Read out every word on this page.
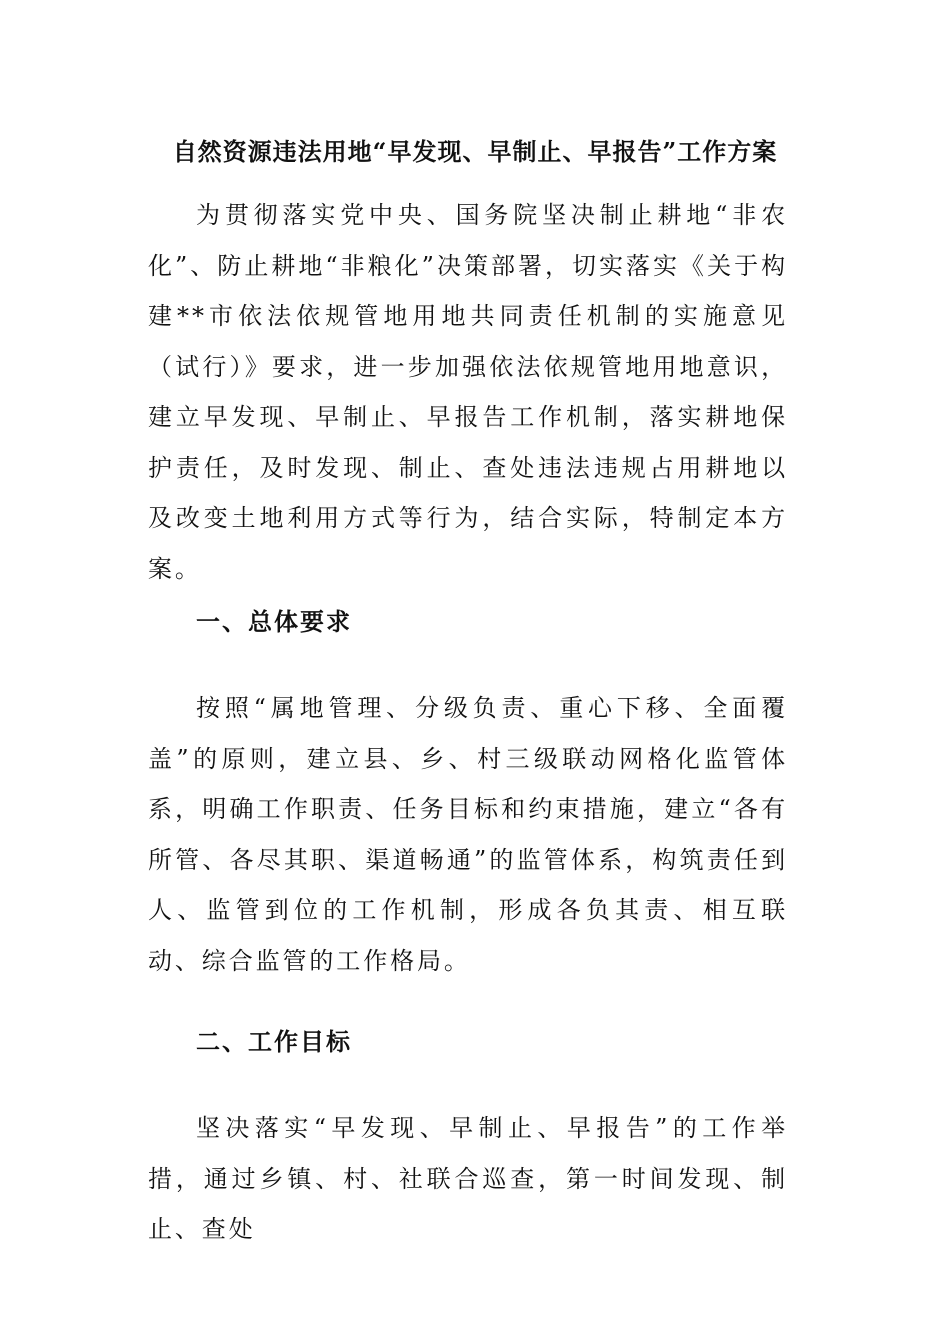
自然资源违法用地“早发现、早制止、早报告”工作方案

为贯彻落实党中央、国务院坚决制止耕地“非农化”、防止耕地“非粮化”决策部署，切实落实《关于构建**市依法依规管地用地共同责任机制的实施意见（试行）》要求，进一步加强依法依规管地用地意识，建立早发现、早制止、早报告工作机制，落实耕地保护责任，及时发现、制止、查处违法违规占用耕地以及改变土地利用方式等行为，结合实际，特制定本方案。

一、总体要求

按照“属地管理、分级负责、重心下移、全面覆盖”的原则，建立县、乡、村三级联动网格化监管体系，明确工作职责、任务目标和约束措施，建立“各有所管、各尽其职、渠道畅通”的监管体系，构筑责任到人、监管到位的工作机制，形成各负其责、相互联动、综合监管的工作格局。

二、工作目标

坚决落实“早发现、早制止、早报告”的工作举措，通过乡镇、村、社联合巡查，第一时间发现、制止、查处
